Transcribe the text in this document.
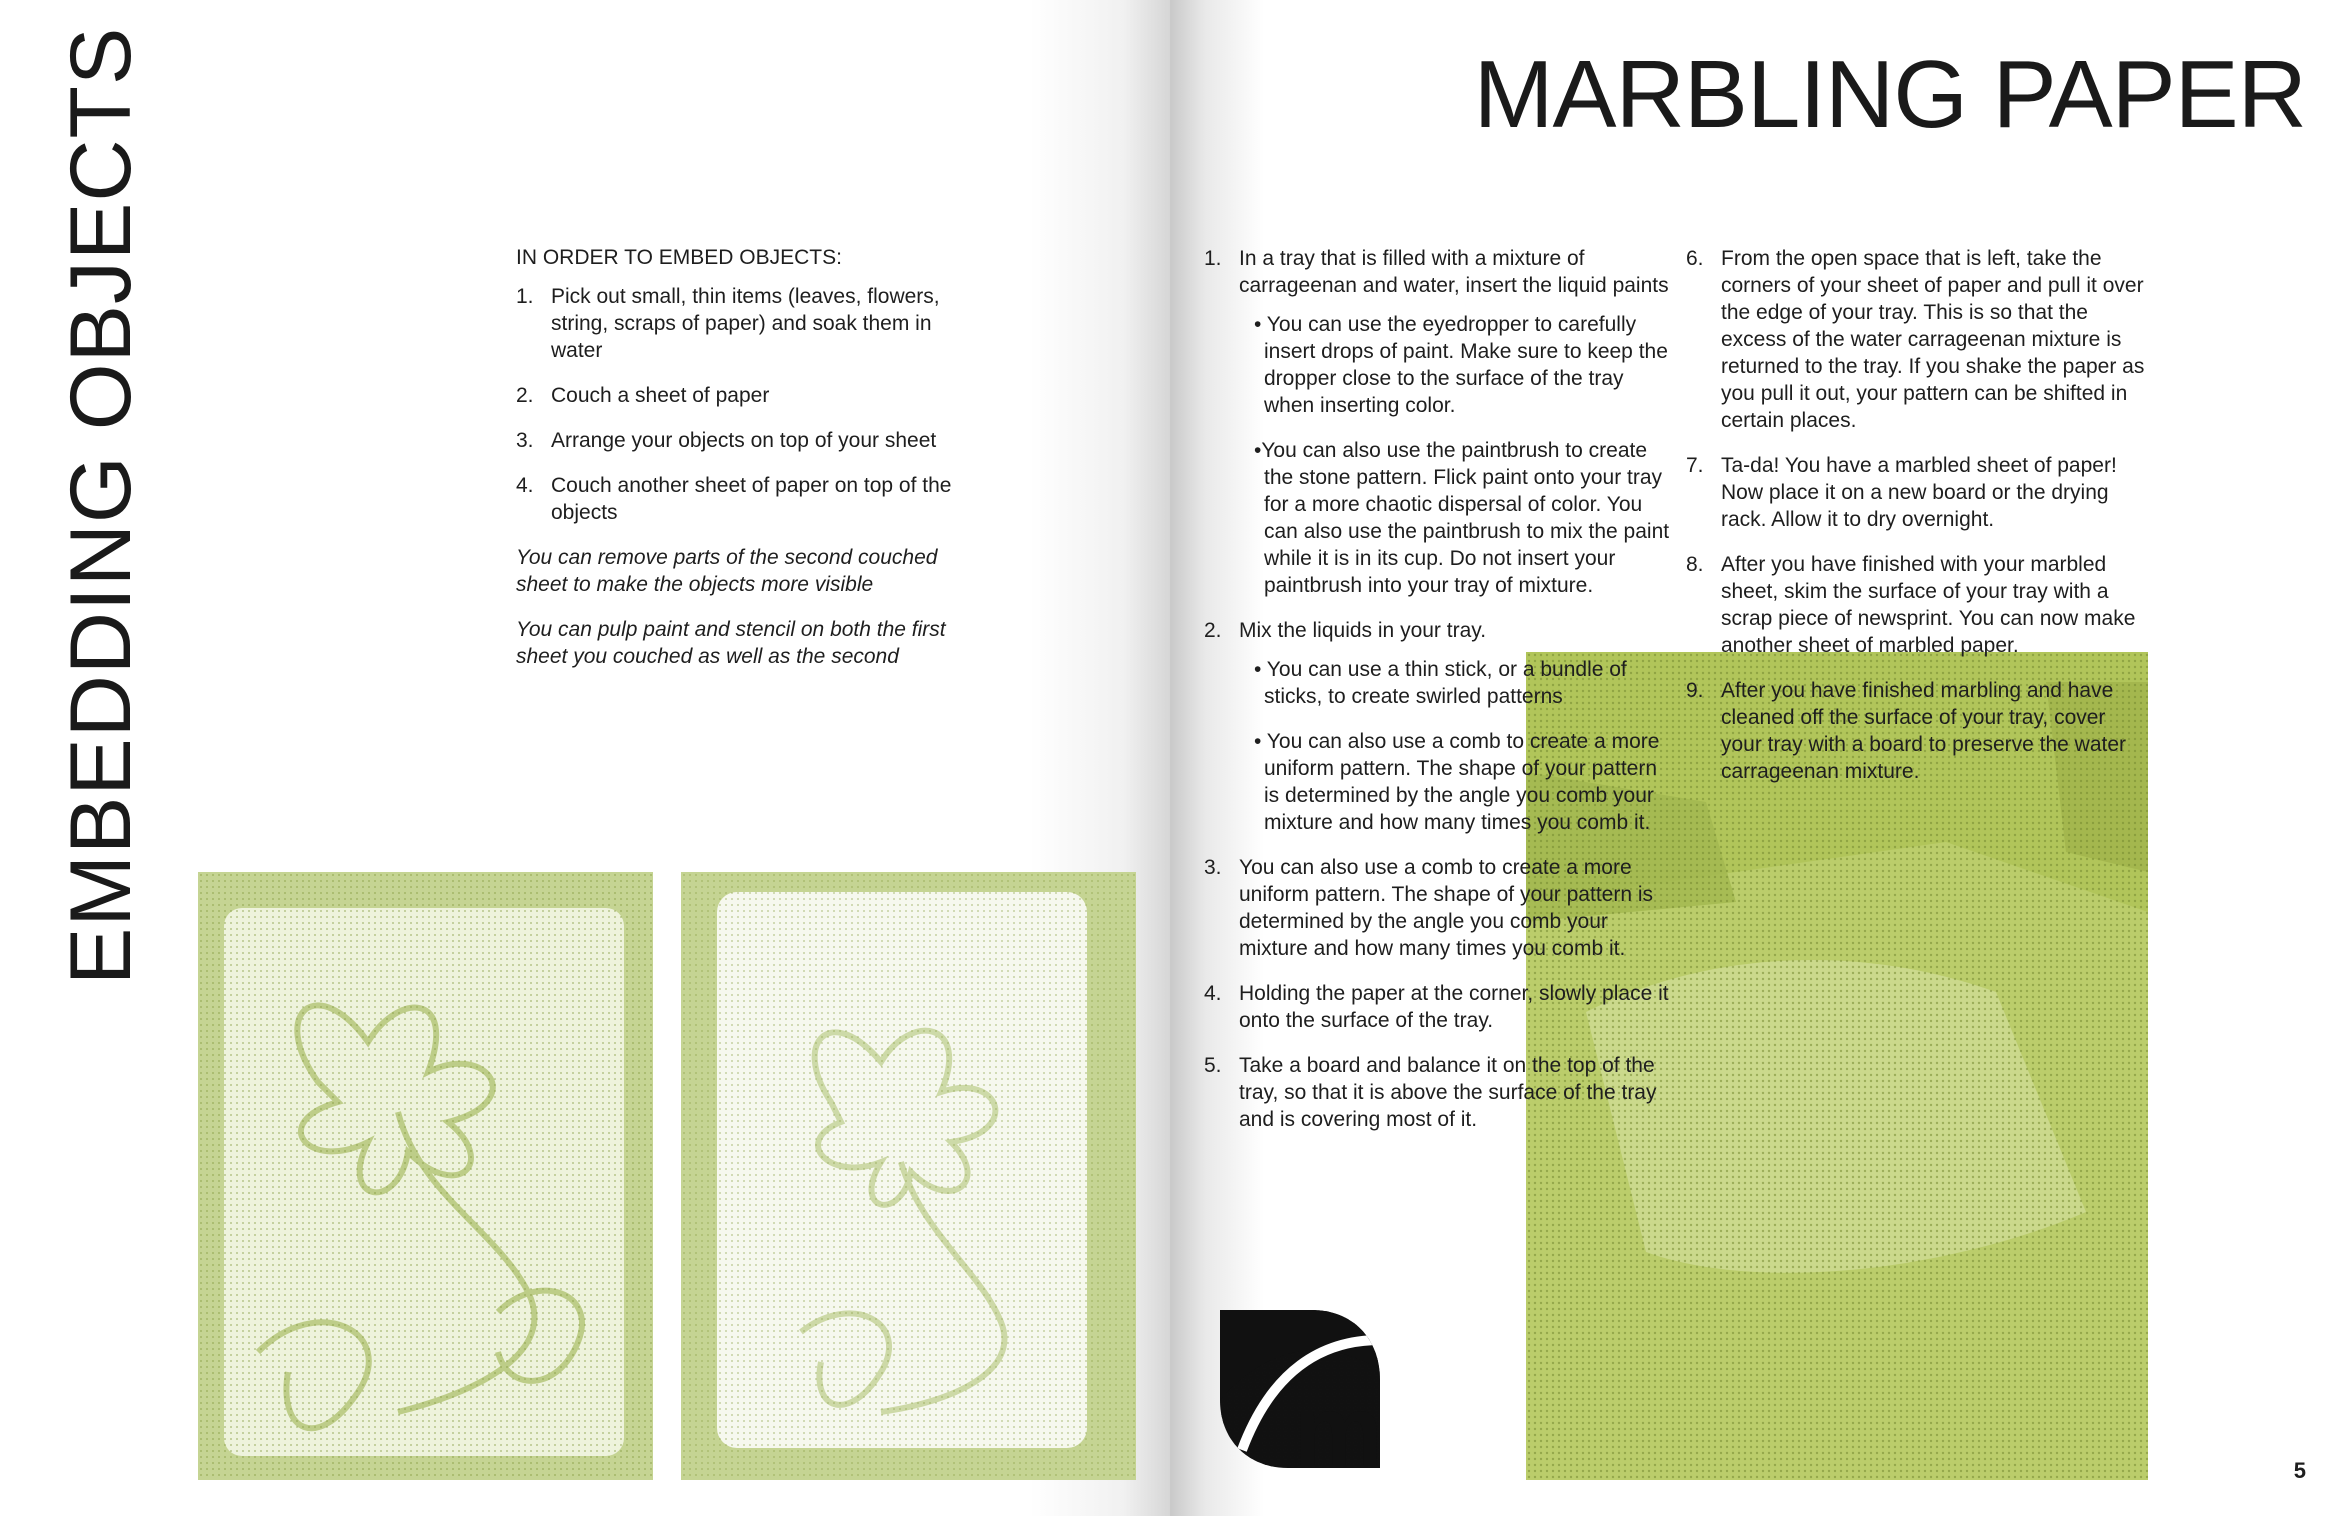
EMBEDDING OBJECTS	IN ORDER TO EMBED OBJECTS:

1. Pick out small, thin items (leaves, flowers, string, scraps of paper) and soak them in water
2. Couch a sheet of paper
3. Arrange your objects on top of your sheet
4. Couch another sheet of paper on top of the objects

You can remove parts of the second couched sheet to make the objects more visible

You can pulp paint and stencil on both the first sheet you couched as well as the second

MARBLING PAPER
1. In a tray that is filled with a mixture of carrageenan and water, insert the liquid paints

• You can use the eyedropper to carefully insert drops of paint. Make sure to keep the dropper close to the surface of the tray when inserting color.

•You can also use the paintbrush to create the stone pattern. Flick paint onto your tray for a more chaotic dispersal of color. You can also use the paintbrush to mix the paint while it is in its cup. Do not insert your paintbrush into your tray of mixture.

2. Mix the liquids in your tray.

• You can use a thin stick, or a bundle of sticks, to create swirled patterns

• You can also use a comb to create a more uniform pattern. The shape of your pattern is determined by the angle you comb your mixture and how many times you comb it.

3. You can also use a comb to create a more uniform pattern. The shape of your pattern is determined by the angle you comb your mixture and how many times you comb it.
4. Holding the paper at the corner, slowly place it onto the surface of the tray.
5. Take a board and balance it on the top of the tray, so that it is above the surface of the tray and is covering most of it.
6. From the open space that is left, take the corners of your sheet of paper and pull it over the edge of your tray. This is so that the excess of the water carrageenan mixture is returned to the tray. If you shake the paper as you pull it out, your pattern can be shifted in certain places.
7. Ta-da! You have a marbled sheet of paper! Now place it on a new board or the drying rack. Allow it to dry overnight.
8. After you have finished with your marbled sheet, skim the surface of your tray with a scrap piece of newsprint. You can now make another sheet of marbled paper.
9. After you have finished marbling and have cleaned off the surface of your tray, cover your tray with a board to preserve the water carrageenan mixture.
m	5
